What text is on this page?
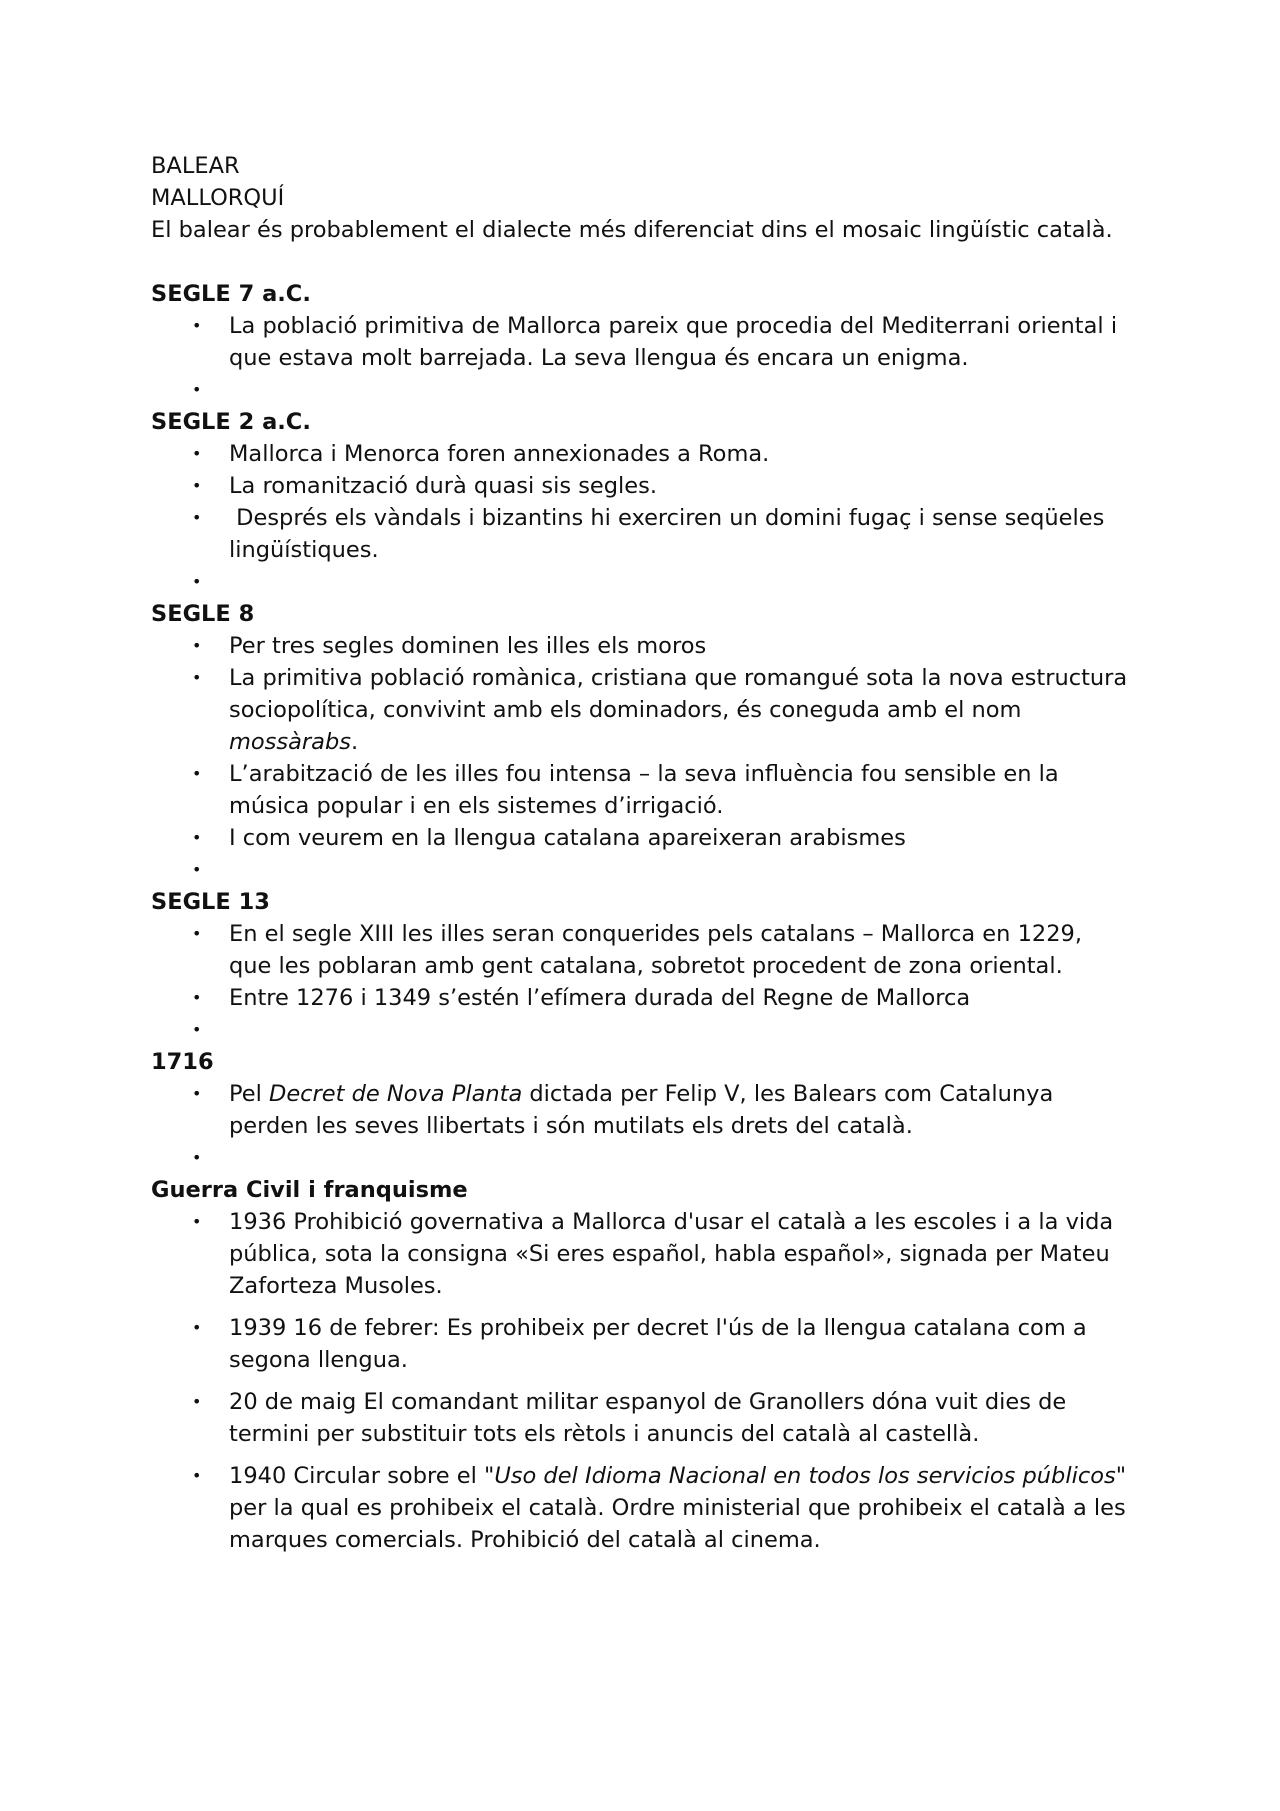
BALEAR

MALLORQUÍ

El balear és probablement el dialecte més diferenciat dins el mosaic lingüístic català.

SEGLE 7 a.C.

• La població primitiva de Mallorca pareix que procedia del Mediterrani oriental i que estava molt barrejada. La seva llengua és encara un enigma.
•

SEGLE 2 a.C.

• Mallorca i Menorca foren annexionades a Roma.
• La romanització durà quasi sis segles.
• Després els vàndals i bizantins hi exerciren un domini fugaç i sense seqüeles lingüístiques.
•

SEGLE 8

• Per tres segles dominen les illes els moros
• La primitiva població romànica, cristiana que romangué sota la nova estructura sociopolítica, convivint amb els dominadors, és coneguda amb el nom mossàrabs.
• L’arabització de les illes fou intensa – la seva influència fou sensible en la música popular i en els sistemes d’irrigació.
• I com veurem en la llengua catalana apareixeran arabismes
•

SEGLE 13

• En el segle XIII les illes seran conquerides pels catalans – Mallorca en 1229, que les poblaran amb gent catalana, sobretot procedent de zona oriental.
• Entre 1276 i 1349 s’estén l’efímera durada del Regne de Mallorca
•

1716

• Pel Decret de Nova Planta dictada per Felip V, les Balears com Catalunya perden les seves llibertats i són mutilats els drets del català.
•

Guerra Civil i franquisme

• 1936 Prohibició governativa a Mallorca d'usar el català a les escoles i a la vida pública, sota la consigna «Si eres español, habla español», signada per Mateu Zaforteza Musoles.
• 1939 16 de febrer: Es prohibeix per decret l'ús de la llengua catalana com a segona llengua.
• 20 de maig El comandant militar espanyol de Granollers dóna vuit dies de termini per substituir tots els rètols i anuncis del català al castellà.
• 1940 Circular sobre el "Uso del Idioma Nacional en todos los servicios públicos" per la qual es prohibeix el català. Ordre ministerial que prohibeix el català a les marques comercials. Prohibició del català al cinema.
